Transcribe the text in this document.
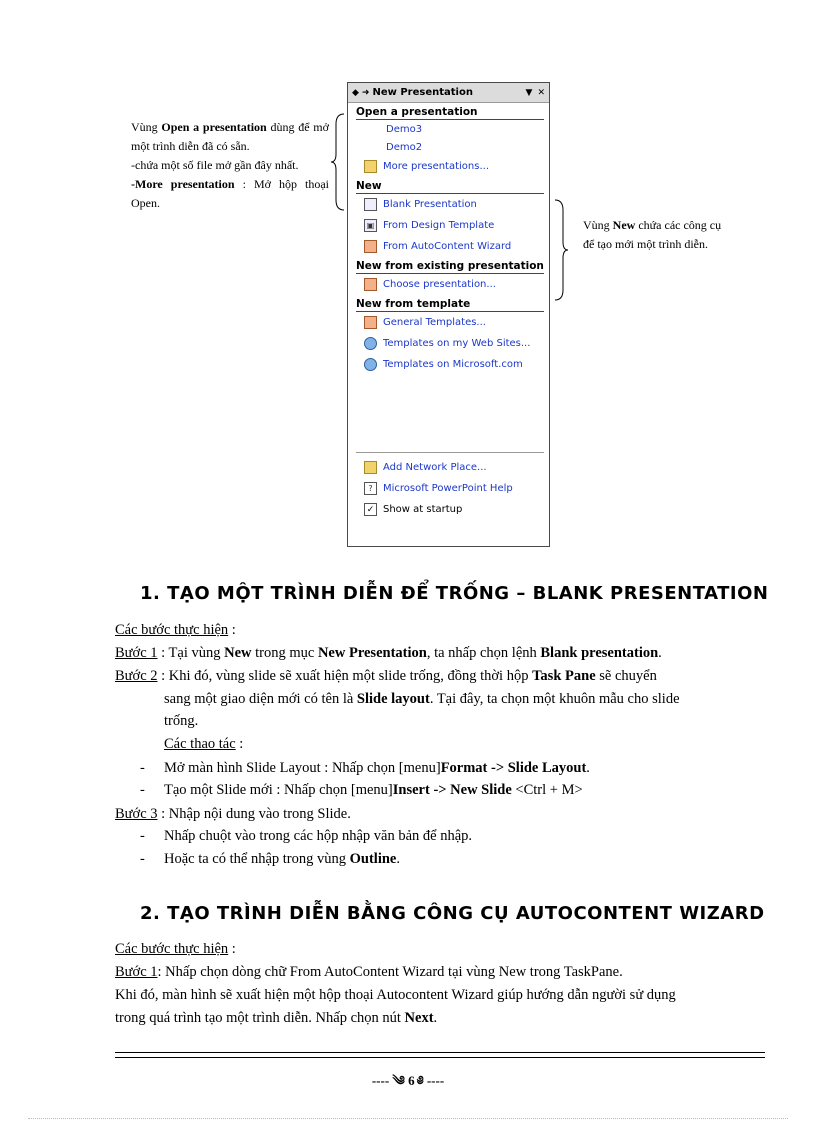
◆ ➜ New Presentation	▼ ✕
Open a presentation
Demo3
Demo2
More presentations...
New
Blank Presentation
▣ From Design Template
From AutoContent Wizard
New from existing presentation
Choose presentation...
New from template
General Templates...
Templates on my Web Sites...
Templates on Microsoft.com
Add Network Place...
?	Microsoft PowerPoint Help
✓ Show at startup
Vùng Open a presentation dùng để mở một trình diễn đã có sẵn.
-chứa một số file mở gần đây nhất.
-More presentation : Mở hộp thoại Open.
Vùng New chứa các công cụ để tạo mới một trình diễn.
1. TẠO MỘT TRÌNH DIỄN ĐỂ TRỐNG – BLANK PRESENTATION
Các bước thực hiện :
Bước 1 : Tại vùng New trong mục New Presentation, ta nhấp chọn lệnh Blank presentation.
Bước 2 : Khi đó, vùng slide sẽ xuất hiện một slide trống, đồng thời hộp Task Pane sẽ chuyển
sang một giao diện mới có tên là Slide layout. Tại đây, ta chọn một khuôn mẫu cho slide
trống.
Các thao tác :
- Mở màn hình Slide Layout : Nhấp chọn [menu]Format -> Slide Layout.
- Tạo một Slide mới : Nhấp chọn [menu]Insert -> New Slide <Ctrl + M>
Bước 3 : Nhập nội dung vào trong Slide.
- Nhấp chuột vào trong các hộp nhập văn bản để nhập.
- Hoặc ta có thể nhập trong vùng Outline.
2. TẠO TRÌNH DIỄN BẰNG CÔNG CỤ AUTOCONTENT WIZARD
Các bước thực hiện :
Bước 1: Nhấp chọn dòng chữ From AutoContent Wizard tại vùng New trong TaskPane.
Khi đó, màn hình sẽ xuất hiện một hộp thoại Autocontent Wizard giúp hướng dẫn người sử dụng
trong quá trình tạo một trình diễn. Nhấp chọn nút Next.
---- ༄ 6 ༅ ----
